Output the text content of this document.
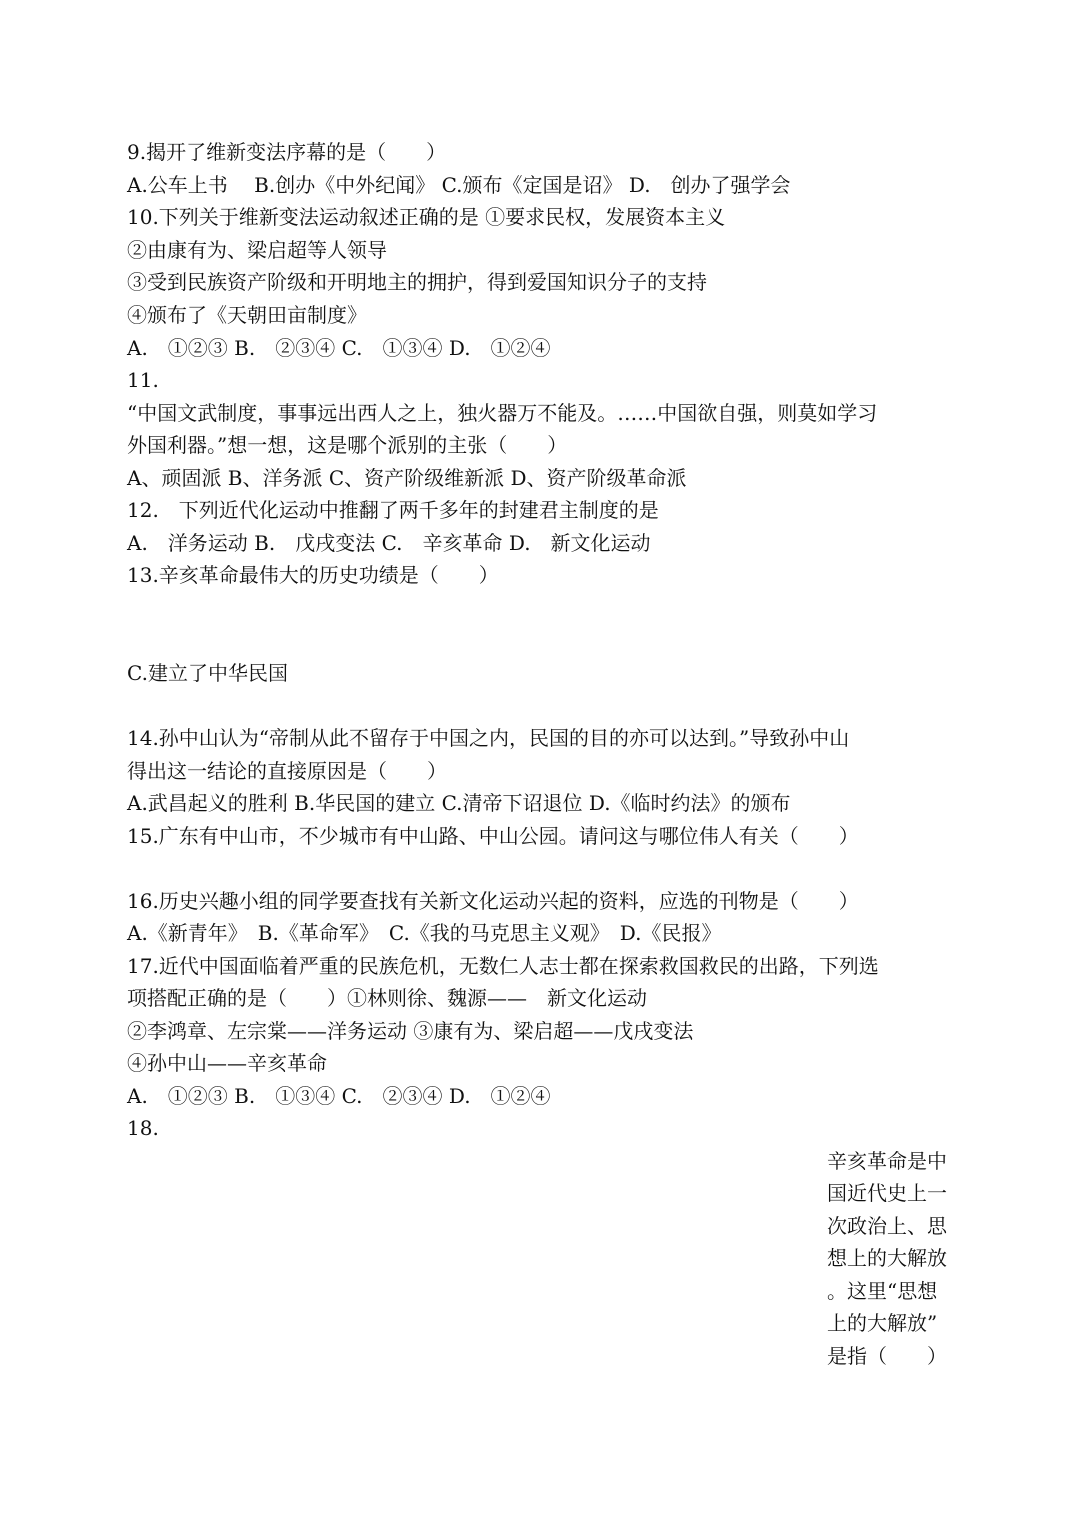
9.揭开了维新变法序幕的是（　　）
A.公车上书　 B.创办《中外纪闻》 C.颁布《定国是诏》 D.　创办了强学会
10.下列关于维新变法运动叙述正确的是 ①要求民权，发展资本主义
②由康有为、梁启超等人领导
③受到民族资产阶级和开明地主的拥护，得到爱国知识分子的支持
④颁布了《天朝田亩制度》
A.　①②③ B.　②③④ C.　①③④ D.　①②④
11.
“中国文武制度，事事远出西人之上，独火器万不能及。……中国欲自强，则莫如学习
外国利器。”想一想，这是哪个派别的主张（　　）
A、顽固派 B、洋务派 C、资产阶级维新派 D、资产阶级革命派
12.　下列近代化运动中推翻了两千多年的封建君主制度的是
A.　洋务运动 B.　戊戌变法 C.　辛亥革命 D.　新文化运动
13.辛亥革命最伟大的历史功绩是（　　）
C.建立了中华民国
14.孙中山认为“帝制从此不留存于中国之内，民国的目的亦可以达到。”导致孙中山
得出这一结论的直接原因是（　　）
A.武昌起义的胜利 B.华民国的建立 C.清帝下诏退位 D.《临时约法》的颁布
15.广东有中山市，不少城市有中山路、中山公园。请问这与哪位伟人有关（　　）
16.历史兴趣小组的同学要查找有关新文化运动兴起的资料，应选的刊物是（　　）
A.《新青年》　B.《革命军》　C.《我的马克思主义观》　D.《民报》
17.近代中国面临着严重的民族危机，无数仁人志士都在探索救国救民的出路，下列选
项搭配正确的是（　　）①林则徐、魏源——　新文化运动
②李鸿章、左宗棠——洋务运动 ③康有为、梁启超——戊戌变法
④孙中山——辛亥革命
A.　①②③ B.　①③④ C.　②③④ D.　①②④
18.
辛亥革命是中
国近代史上一
次政治上、思
想上的大解放
。这里“思想
上的大解放”
是指（　　）
